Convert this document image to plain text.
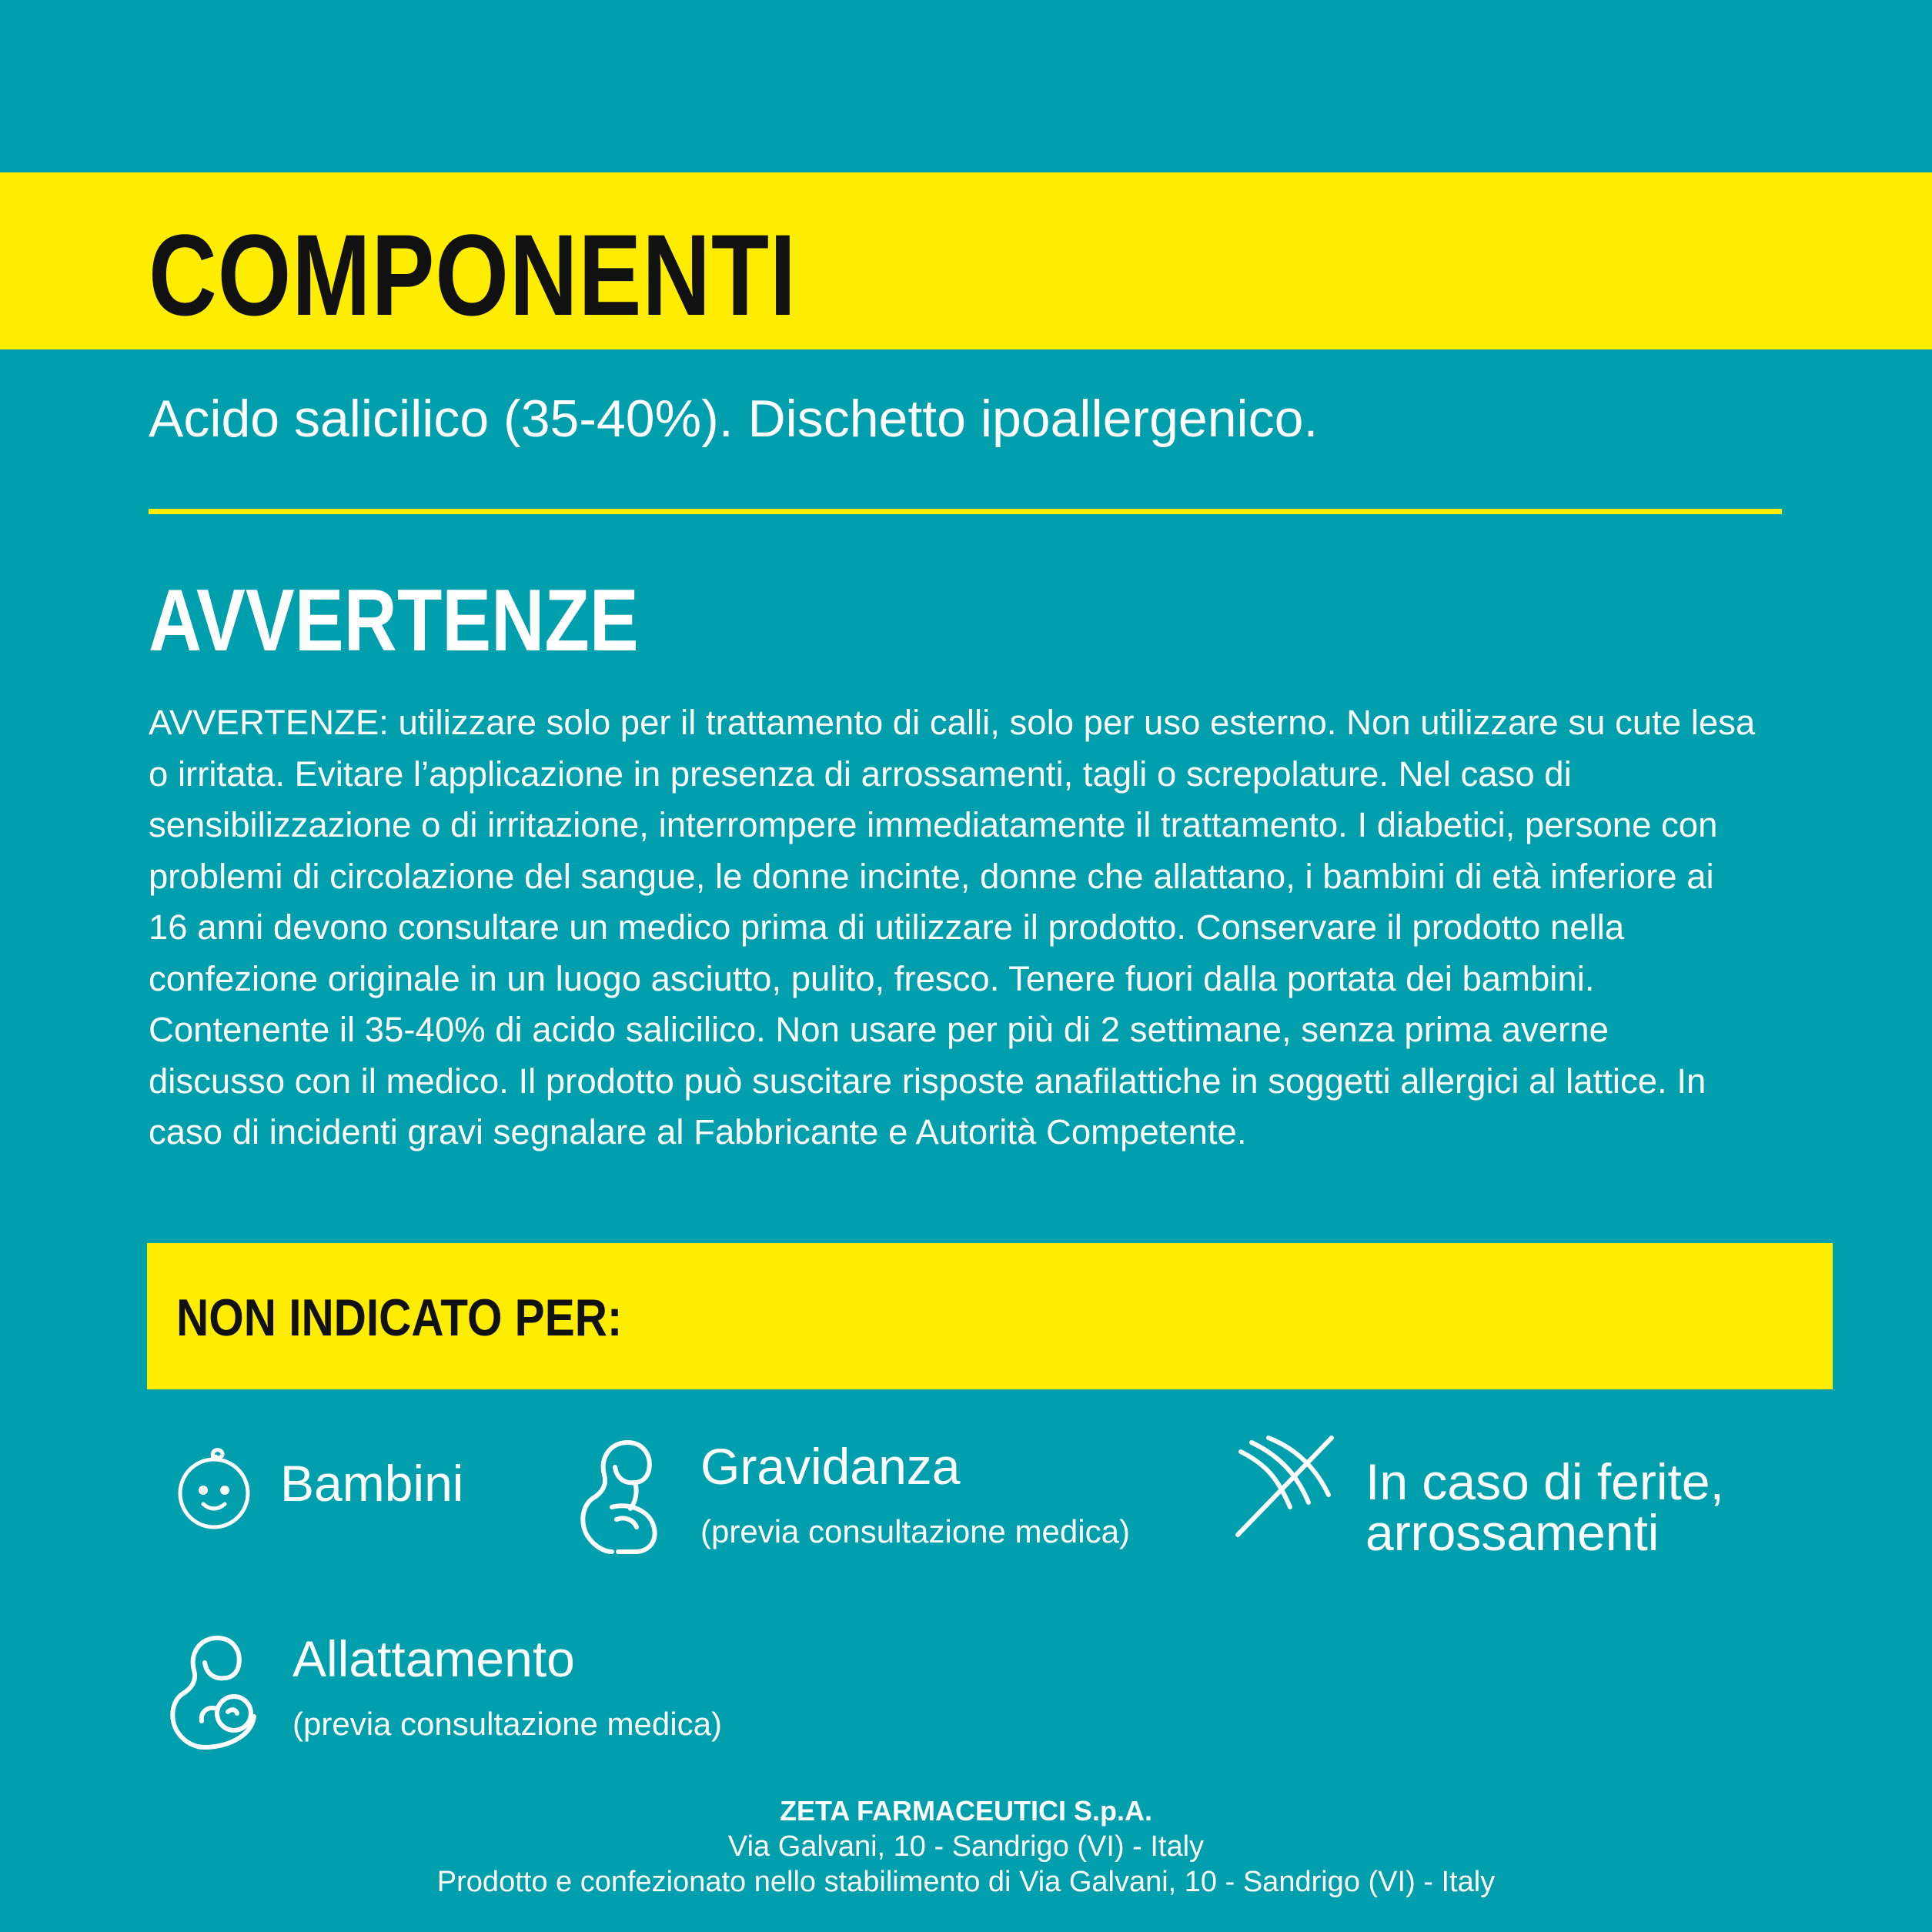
COMPONENTI
Acido salicilico (35-40%). Dischetto ipoallergenico.
AVVERTENZE

AVVERTENZE: utilizzare solo per il trattamento di calli, solo per uso esterno. Non utilizzare su cute lesa
o irritata. Evitare l’applicazione in presenza di arrossamenti, tagli o screpolature. Nel caso di
sensibilizzazione o di irritazione, interrompere immediatamente il trattamento. I diabetici, persone con
problemi di circolazione del sangue, le donne incinte, donne che allattano, i bambini di età inferiore ai
16 anni devono consultare un medico prima di utilizzare il prodotto. Conservare il prodotto nella
confezione originale in un luogo asciutto, pulito, fresco. Tenere fuori dalla portata dei bambini.
Contenente il 35-40% di acido salicilico. Non usare per più di 2 settimane, senza prima averne
discusso con il medico. Il prodotto può suscitare risposte anafilattiche in soggetti allergici al lattice. In
caso di incidenti gravi segnalare al Fabbricante e Autorità Competente.

NON INDICATO PER:
Bambini	Gravidanza
(previa consultazione medica)
In caso di ferite,
arrossamenti
Allattamento
(previa consultazione medica)
ZETA FARMACEUTICI S.p.A.
Via Galvani, 10 - Sandrigo (VI) - Italy
Prodotto e confezionato nello stabilimento di Via Galvani, 10 - Sandrigo (VI) - Italy
